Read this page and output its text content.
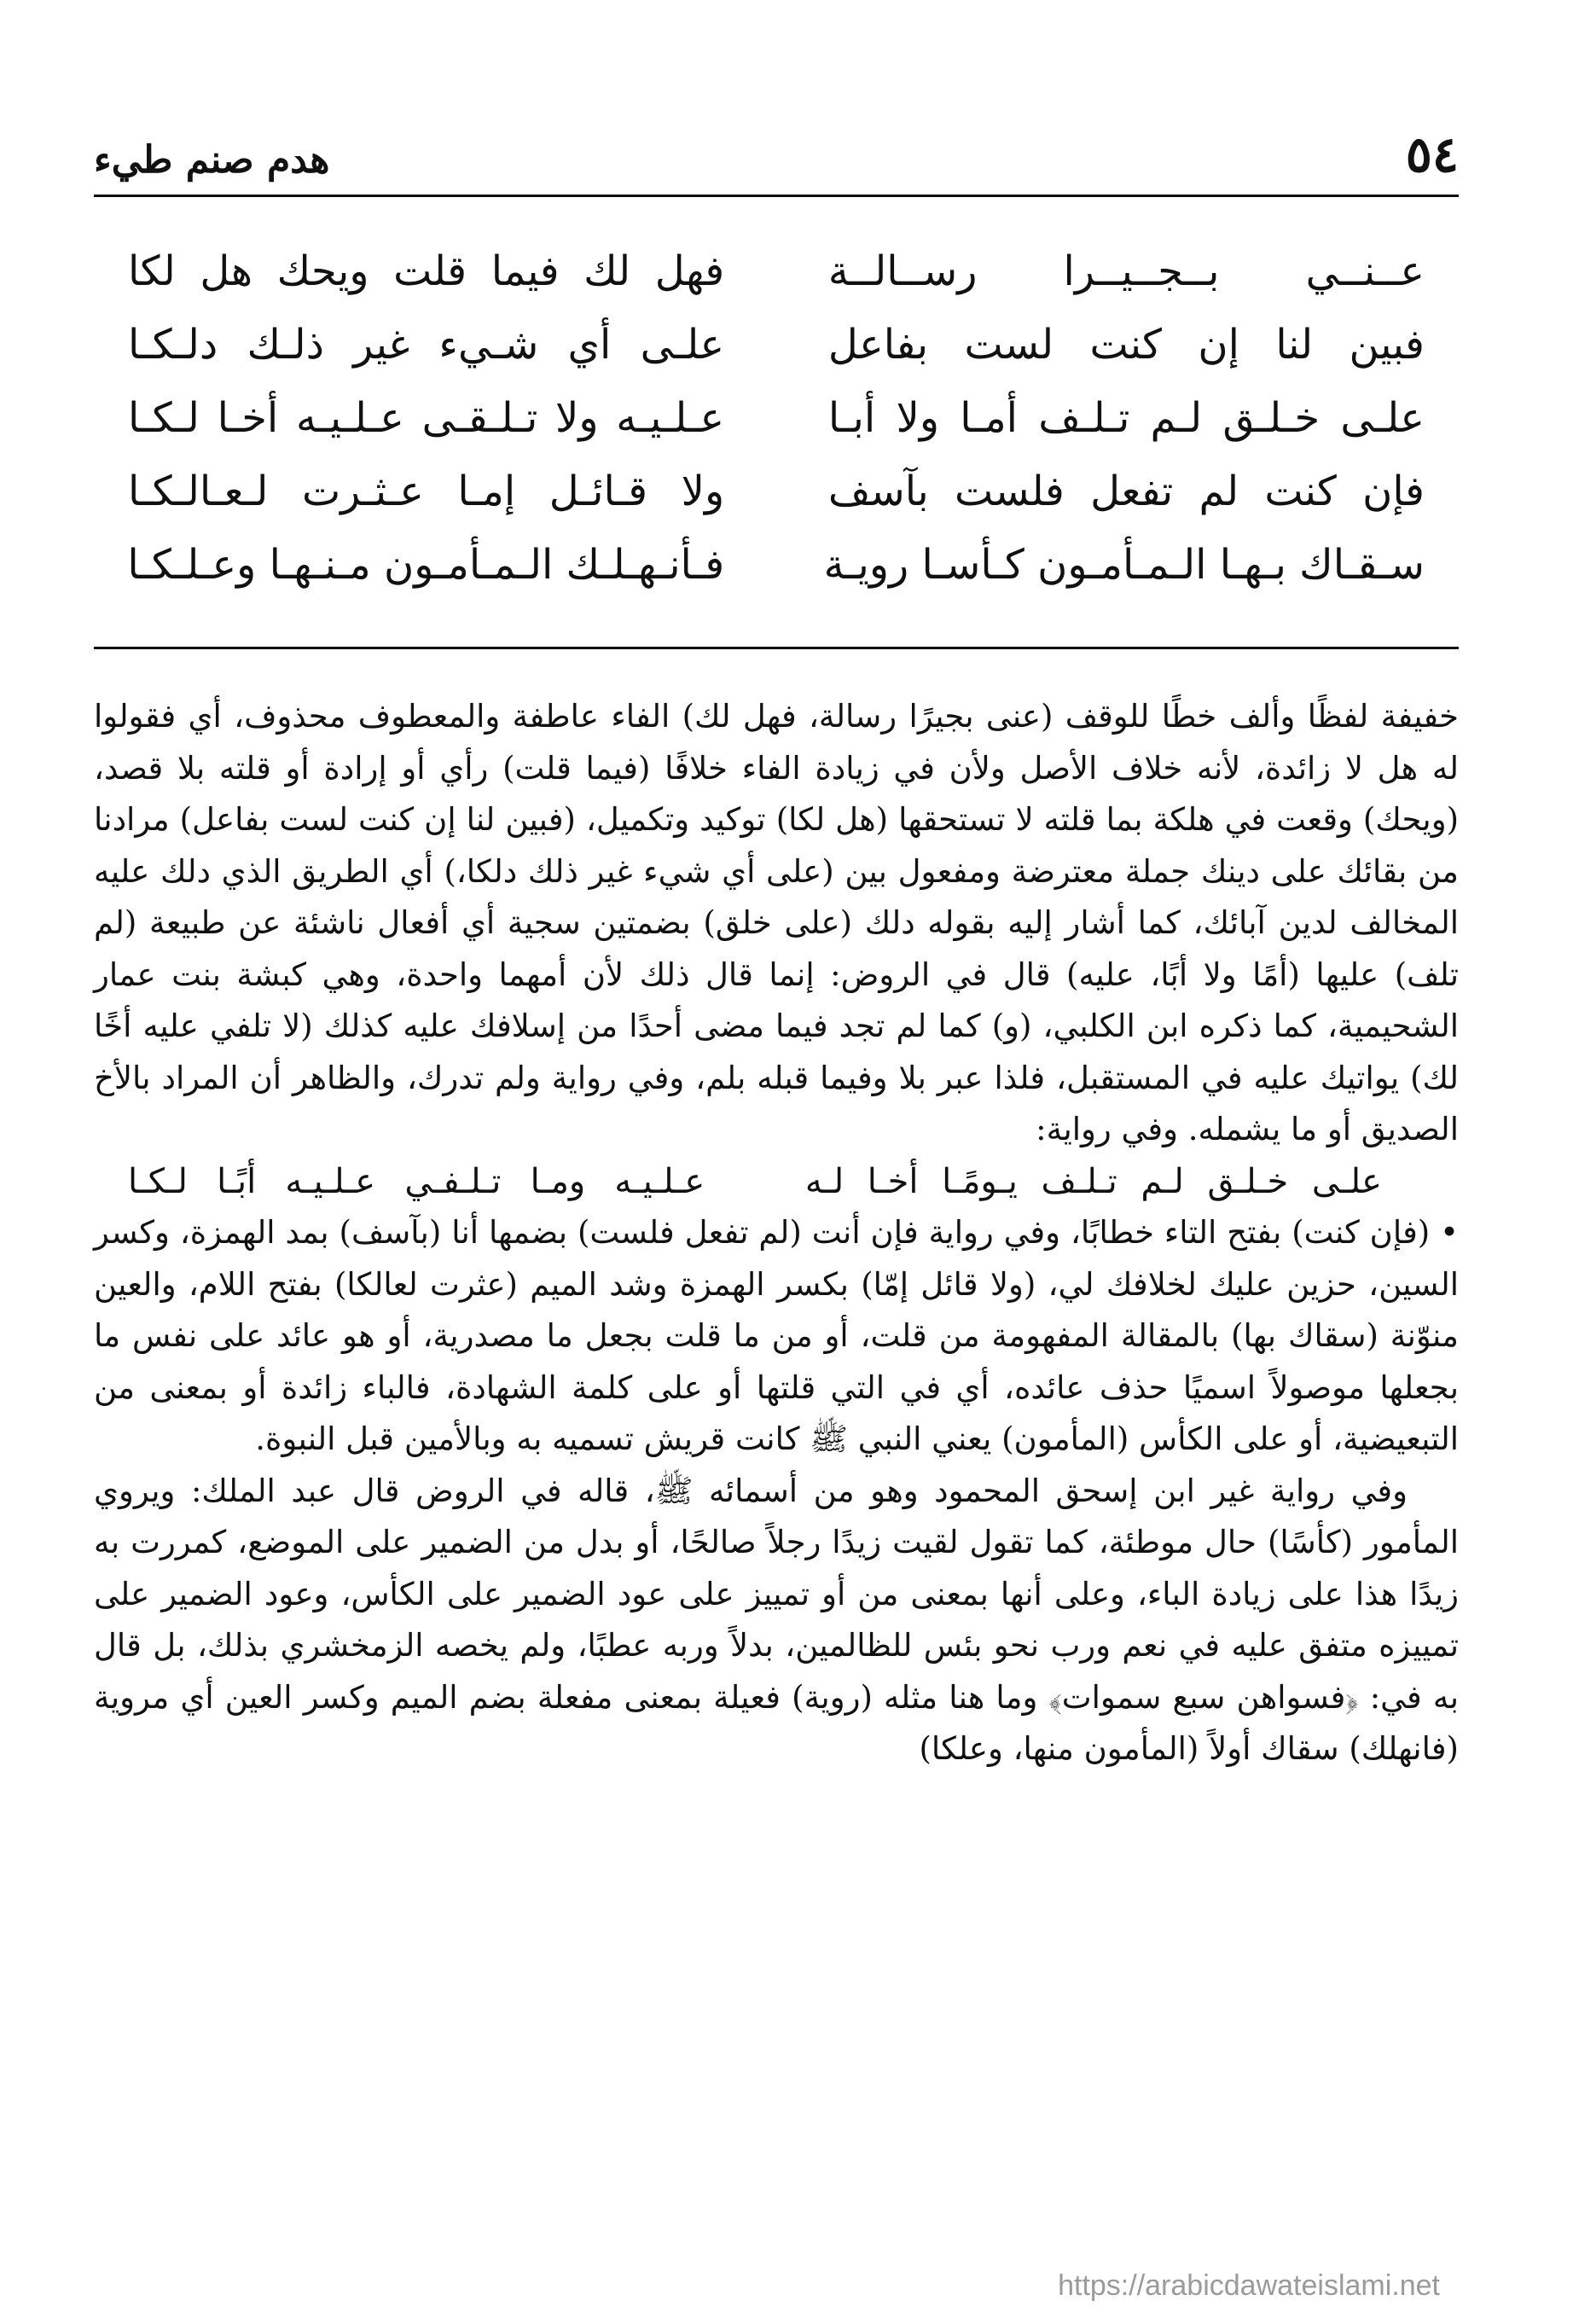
٥٤
هدم صنم طيء
عــنــي بــجــيــرا رســالــة
فهل لك فيما قلت ويحك هل لكا
فبين لنا إن كنت لست بفاعل
علـى أي شـيء غير ذلـك دلـكـا
علـى خـلـق لـم تـلـف أمـا ولا أبـا
عـلـيـه ولا تـلـقـى عـلـيـه أخـا لـكـا
فإن كنت لم تفعل فلست بآسف
ولا قـائـل إمـا عـثـرت لـعـالـكـا
سـقـاك بـهـا الـمـأمـون كـأسـا رويـة
فـأنـهـلـك الـمـأمـون مـنـهـا وعـلـكـا

خفيفة لفظًا وألف خطًا للوقف (عنى بجيرًا رسالة، فهل لك) الفاء عاطفة والمعطوف محذوف، أي فقولوا له هل لا زائدة، لأنه خلاف الأصل ولأن في زيادة الفاء خلافًا (فيما قلت) رأي أو إرادة أو قلته بلا قصد، (ويحك) وقعت في هلكة بما قلته لا تستحقها (هل لكا) توكيد وتكميل، (فبين لنا إن كنت لست بفاعل) مرادنا من بقائك على دينك جملة معترضة ومفعول بين (على أي شيء غير ذلك دلكا،) أي الطريق الذي دلك عليه المخالف لدين آبائك، كما أشار إليه بقوله دلك (على خلق) بضمتين سجية أي أفعال ناشئة عن طبيعة (لم تلف) عليها (أمًا ولا أبًا، عليه) قال في الروض: إنما قال ذلك لأن أمهما واحدة، وهي كبشة بنت عمار الشحيمية، كما ذكره ابن الكلبي، (و) كما لم تجد فيما مضى أحدًا من إسلافك عليه كذلك (لا تلفي عليه أخًا لك) يواتيك عليه في المستقبل، فلذا عبر بلا وفيما قبله بلم، وفي رواية ولم تدرك، والظاهر أن المراد بالأخ الصديق أو ما يشمله. وفي رواية:

علـى خـلـق لـم تـلـف يـومًـا أخـا لـه
عـلـيـه ومـا تـلـفـي عـلـيـه أبًـا لـكـا

• (فإن كنت) بفتح التاء خطابًا، وفي رواية فإن أنت (لم تفعل فلست) بضمها أنا (بآسف) بمد الهمزة، وكسر السين، حزين عليك لخلافك لي، (ولا قائل إمّا) بكسر الهمزة وشد الميم (عثرت لعالكا) بفتح اللام، والعين منوّنة (سقاك بها) بالمقالة المفهومة من قلت، أو من ما قلت بجعل ما مصدرية، أو هو عائد على نفس ما بجعلها موصولاً اسميًا حذف عائده، أي في التي قلتها أو على كلمة الشهادة، فالباء زائدة أو بمعنى من التبعيضية، أو على الكأس (المأمون) يعني النبي ﷺ كانت قريش تسميه به وبالأمين قبل النبوة.

وفي رواية غير ابن إسحق المحمود وهو من أسمائه ﷺ، قاله في الروض قال عبد الملك: ويروي المأمور (كأسًا) حال موطئة، كما تقول لقيت زيدًا رجلاً صالحًا، أو بدل من الضمير على الموضع، كمررت به زيدًا هذا على زيادة الباء، وعلى أنها بمعنى من أو تمييز على عود الضمير على الكأس، وعود الضمير على تمييزه متفق عليه في نعم ورب نحو بئس للظالمين، بدلاً وربه عطبًا، ولم يخصه الزمخشري بذلك، بل قال به في: ﴿فسواهن سبع سموات﴾ وما هنا مثله (روية) فعيلة بمعنى مفعلة بضم الميم وكسر العين أي مروية (فانهلك) سقاك أولاً (المأمون منها، وعلكا)

https://arabicdawateislami.net
